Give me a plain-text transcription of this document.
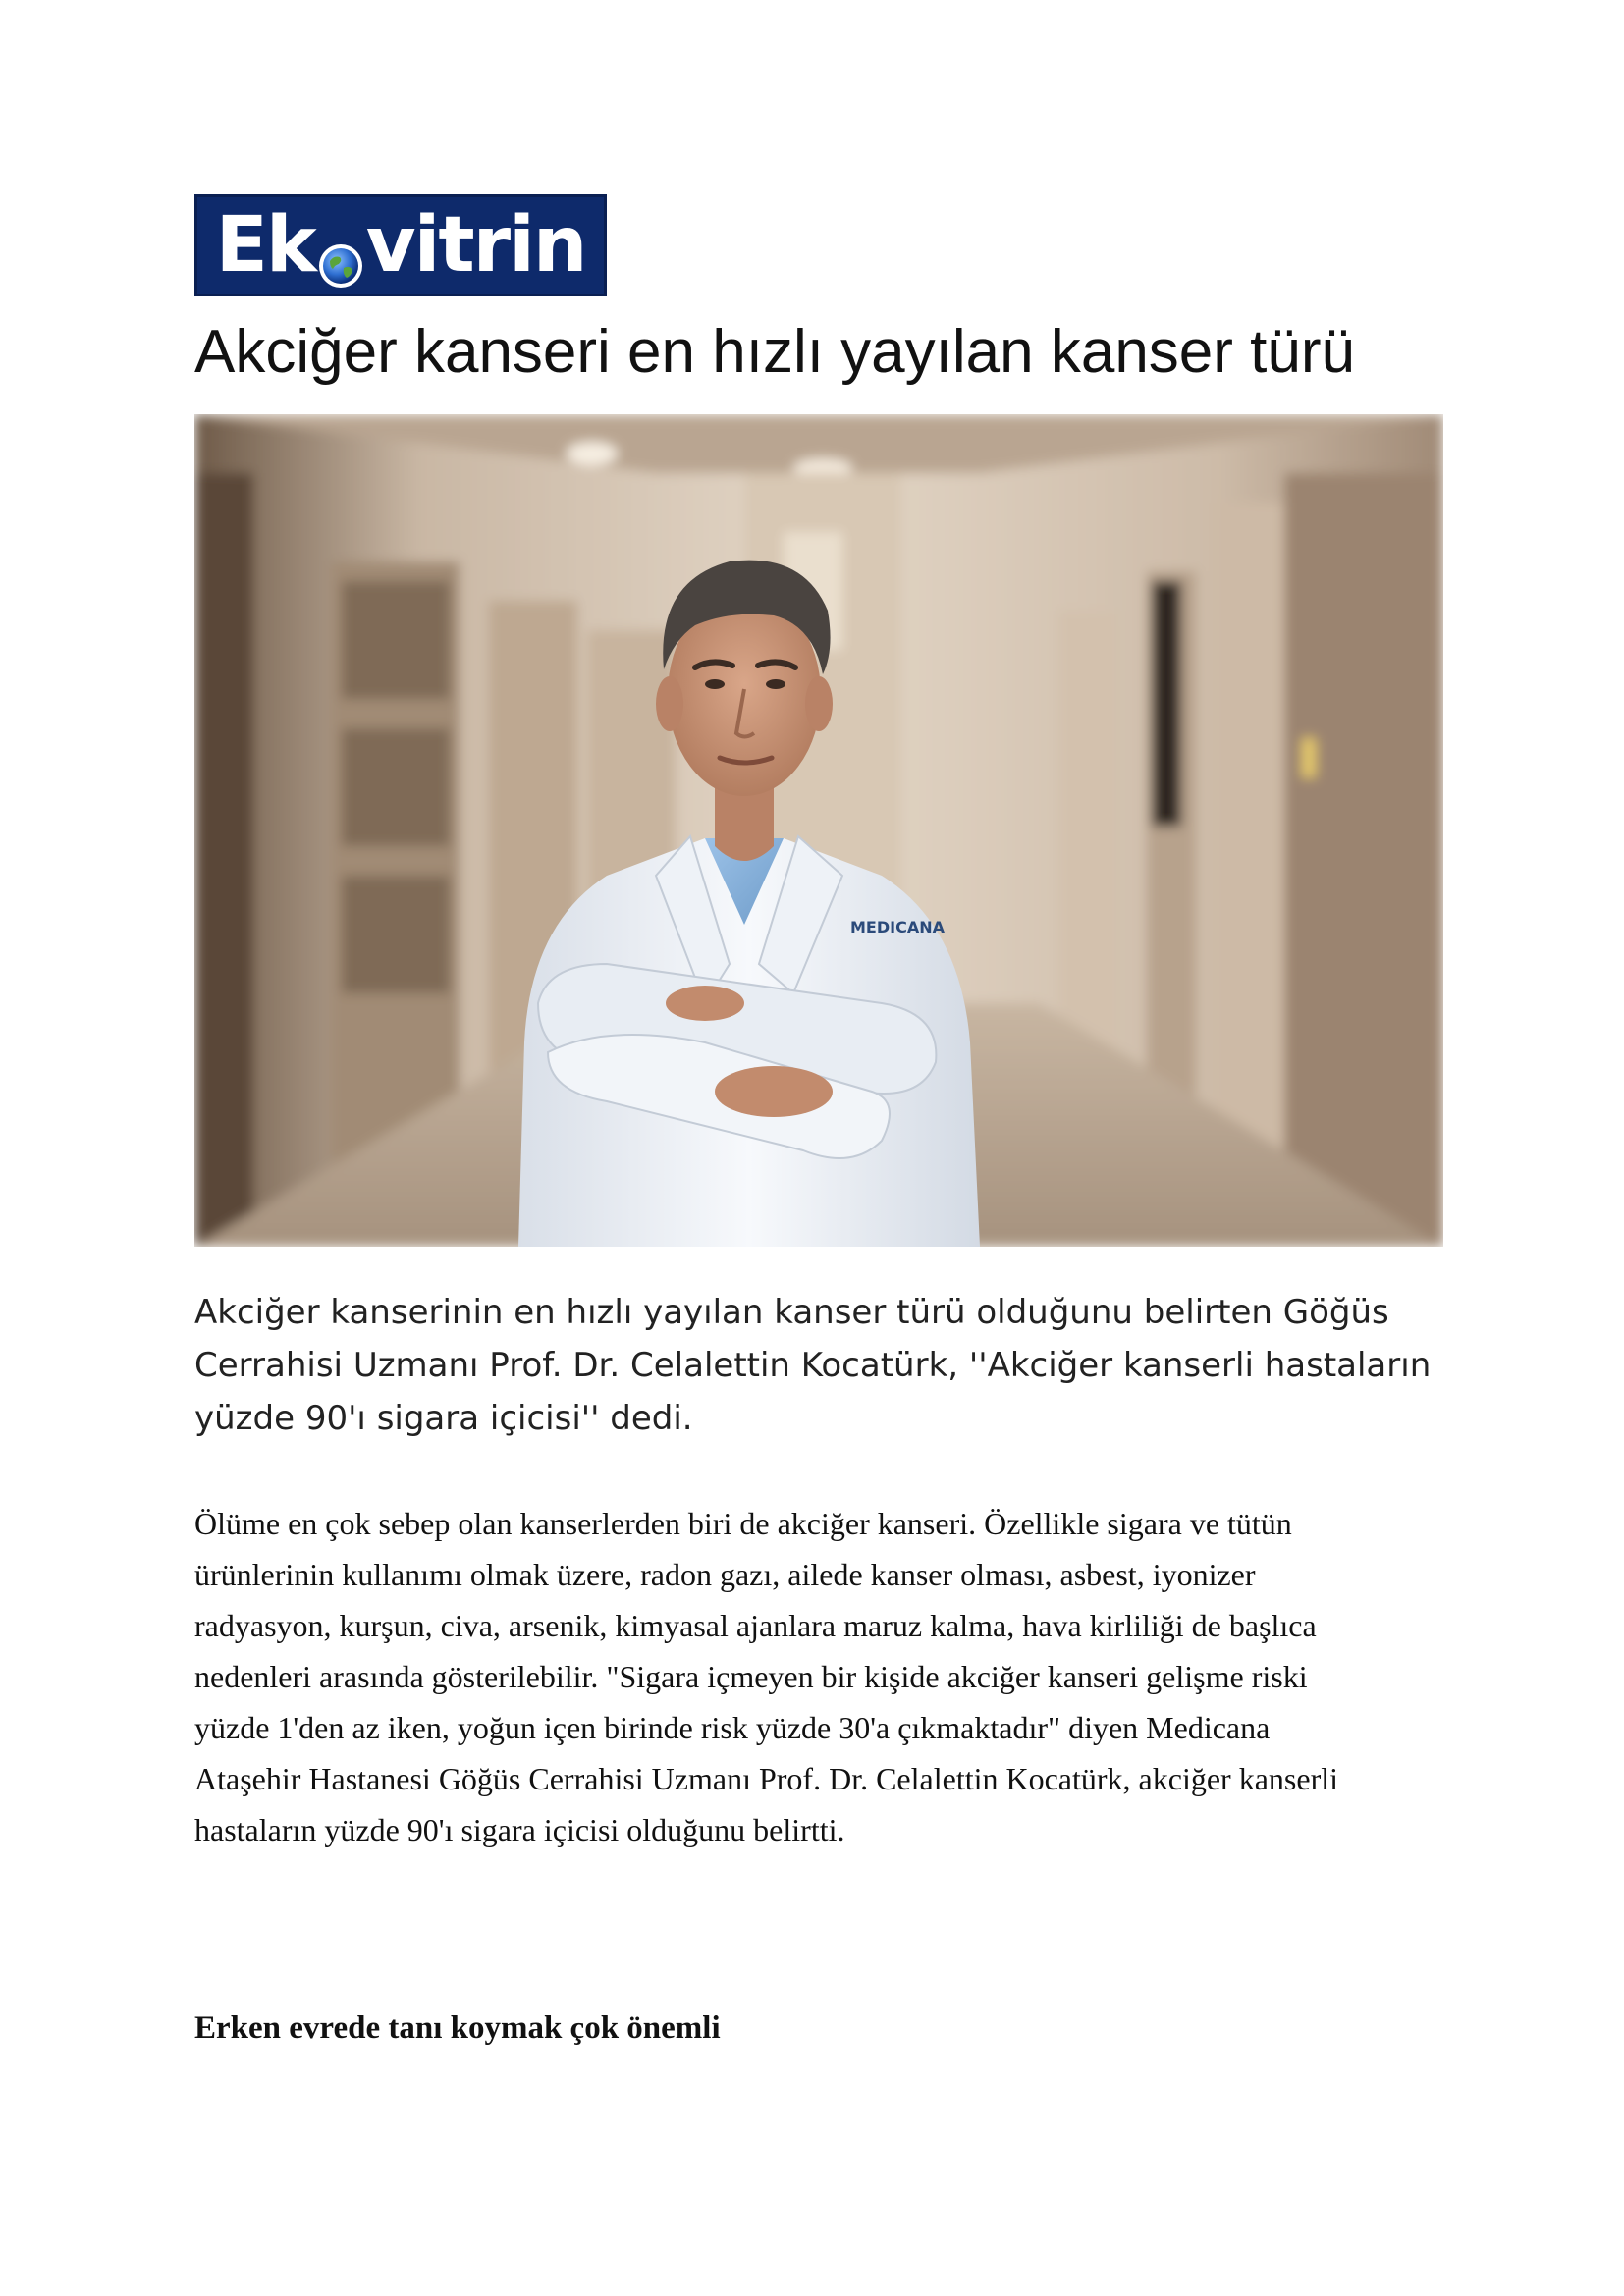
Ek vitrin
Akciğer kanseri en hızlı yayılan kanser türü
MEDICANA

Akciğer kanserinin en hızlı yayılan kanser türü olduğunu belirten Göğüs
Cerrahisi Uzmanı Prof. Dr. Celalettin Kocatürk, ''Akciğer kanserli hastaların
yüzde 90'ı sigara içicisi'' dedi.

Ölüme en çok sebep olan kanserlerden biri de akciğer kanseri. Özellikle sigara ve tütün
ürünlerinin kullanımı olmak üzere, radon gazı, ailede kanser olması, asbest, iyonizer
radyasyon, kurşun, civa, arsenik, kimyasal ajanlara maruz kalma, hava kirliliği de başlıca
nedenleri arasında gösterilebilir. "Sigara içmeyen bir kişide akciğer kanseri gelişme riski
yüzde 1'den az iken, yoğun içen birinde risk yüzde 30'a çıkmaktadır" diyen Medicana
Ataşehir Hastanesi Göğüs Cerrahisi Uzmanı Prof. Dr. Celalettin Kocatürk, akciğer kanserli
hastaların yüzde 90'ı sigara içicisi olduğunu belirtti.

Erken evrede tanı koymak çok önemli
